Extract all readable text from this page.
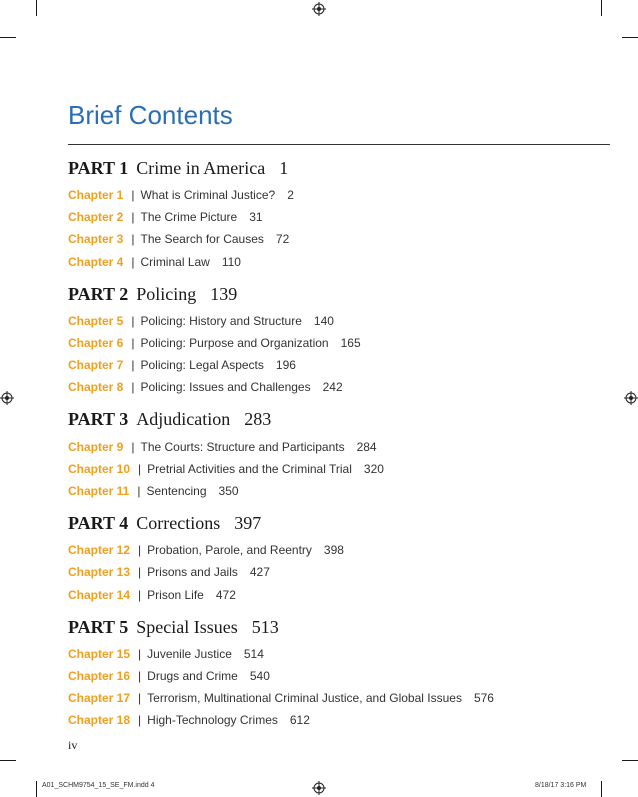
Brief Contents
PART 1 Crime in America 1
Chapter 1 | What is Criminal Justice? 2
Chapter 2 | The Crime Picture 31
Chapter 3 | The Search for Causes 72
Chapter 4 | Criminal Law 110
PART 2 Policing 139
Chapter 5 | Policing: History and Structure 140
Chapter 6 | Policing: Purpose and Organization 165
Chapter 7 | Policing: Legal Aspects 196
Chapter 8 | Policing: Issues and Challenges 242
PART 3 Adjudication 283
Chapter 9 | The Courts: Structure and Participants 284
Chapter 10 | Pretrial Activities and the Criminal Trial 320
Chapter 11 | Sentencing 350
PART 4 Corrections 397
Chapter 12 | Probation, Parole, and Reentry 398
Chapter 13 | Prisons and Jails 427
Chapter 14 | Prison Life 472
PART 5 Special Issues 513
Chapter 15 | Juvenile Justice 514
Chapter 16 | Drugs and Crime 540
Chapter 17 | Terrorism, Multinational Criminal Justice, and Global Issues 576
Chapter 18 | High-Technology Crimes 612
iv
A01_SCHM9754_15_SE_FM.indd 4	8/18/17 3:16 PM
